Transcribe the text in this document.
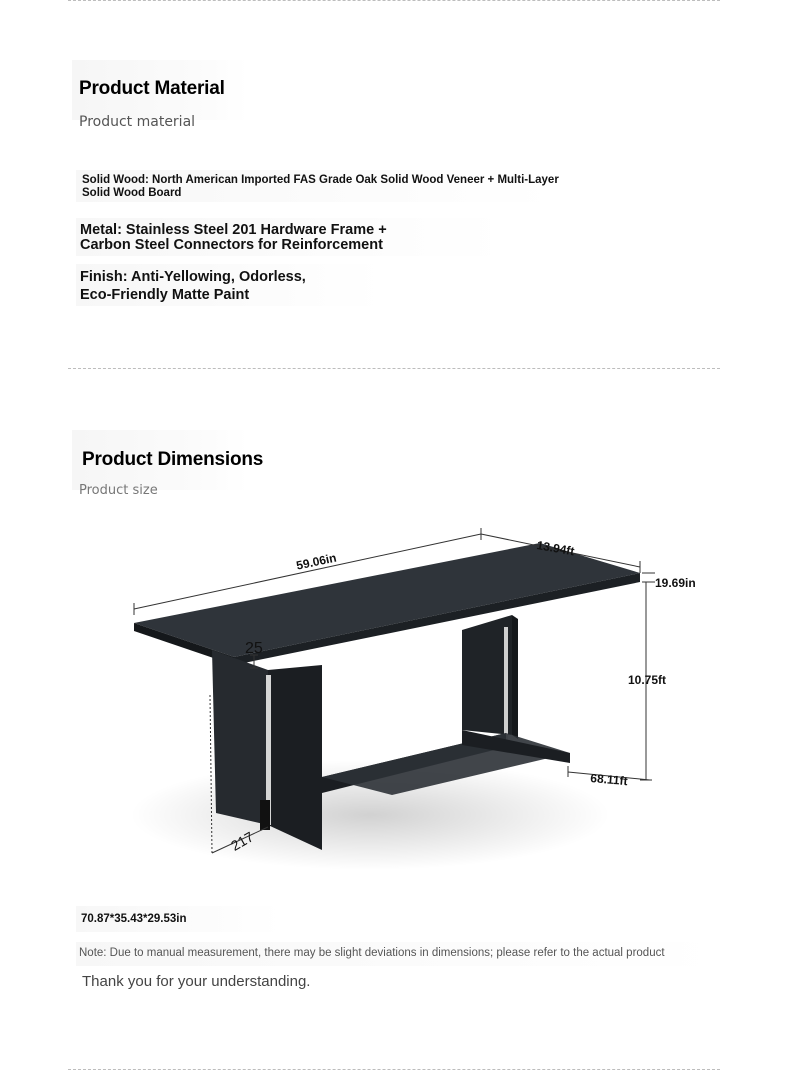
Product Material
Product material
Solid Wood: North American Imported FAS Grade Oak Solid Wood Veneer + Multi-Layer
Solid Wood Board
Metal: Stainless Steel 201 Hardware Frame +
Carbon Steel Connectors for Reinforcement
Finish: Anti-Yellowing, Odorless,
Eco-Friendly Matte Paint
Product Dimensions
Product size
59.06in
13.94ft
19.69in
10.75ft
68.11ft
25
217
70.87*35.43*29.53in
Note: Due to manual measurement, there may be slight deviations in dimensions; please refer to the actual product
Thank you for your understanding.
